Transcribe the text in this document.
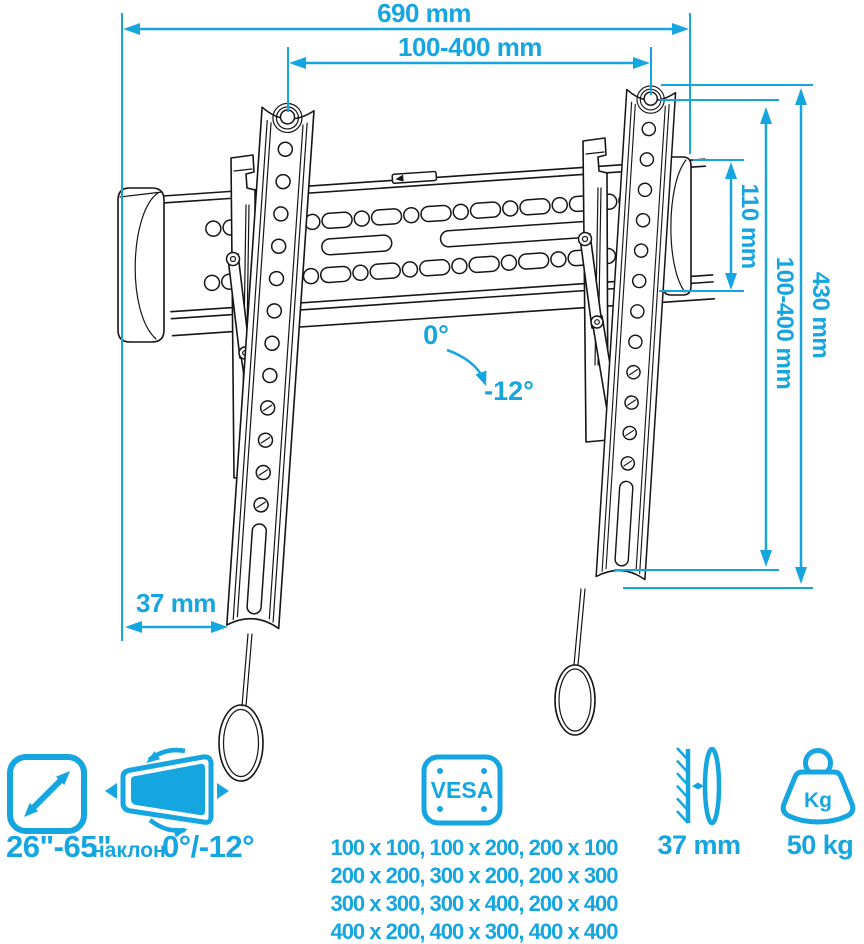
690 mm
100-400 mm
110 mm
100-400 mm 430 mm
37 mm
0°
-12°
26"-65"
наклон
0°/-12°
VESA
100 x 100, 100 x 200, 200 x 100
200 x 200, 300 x 200, 200 x 300
300 x 300, 300 x 400, 200 x 400
400 x 200, 400 x 300, 400 x 400
37 mm
Kg
50 kg
